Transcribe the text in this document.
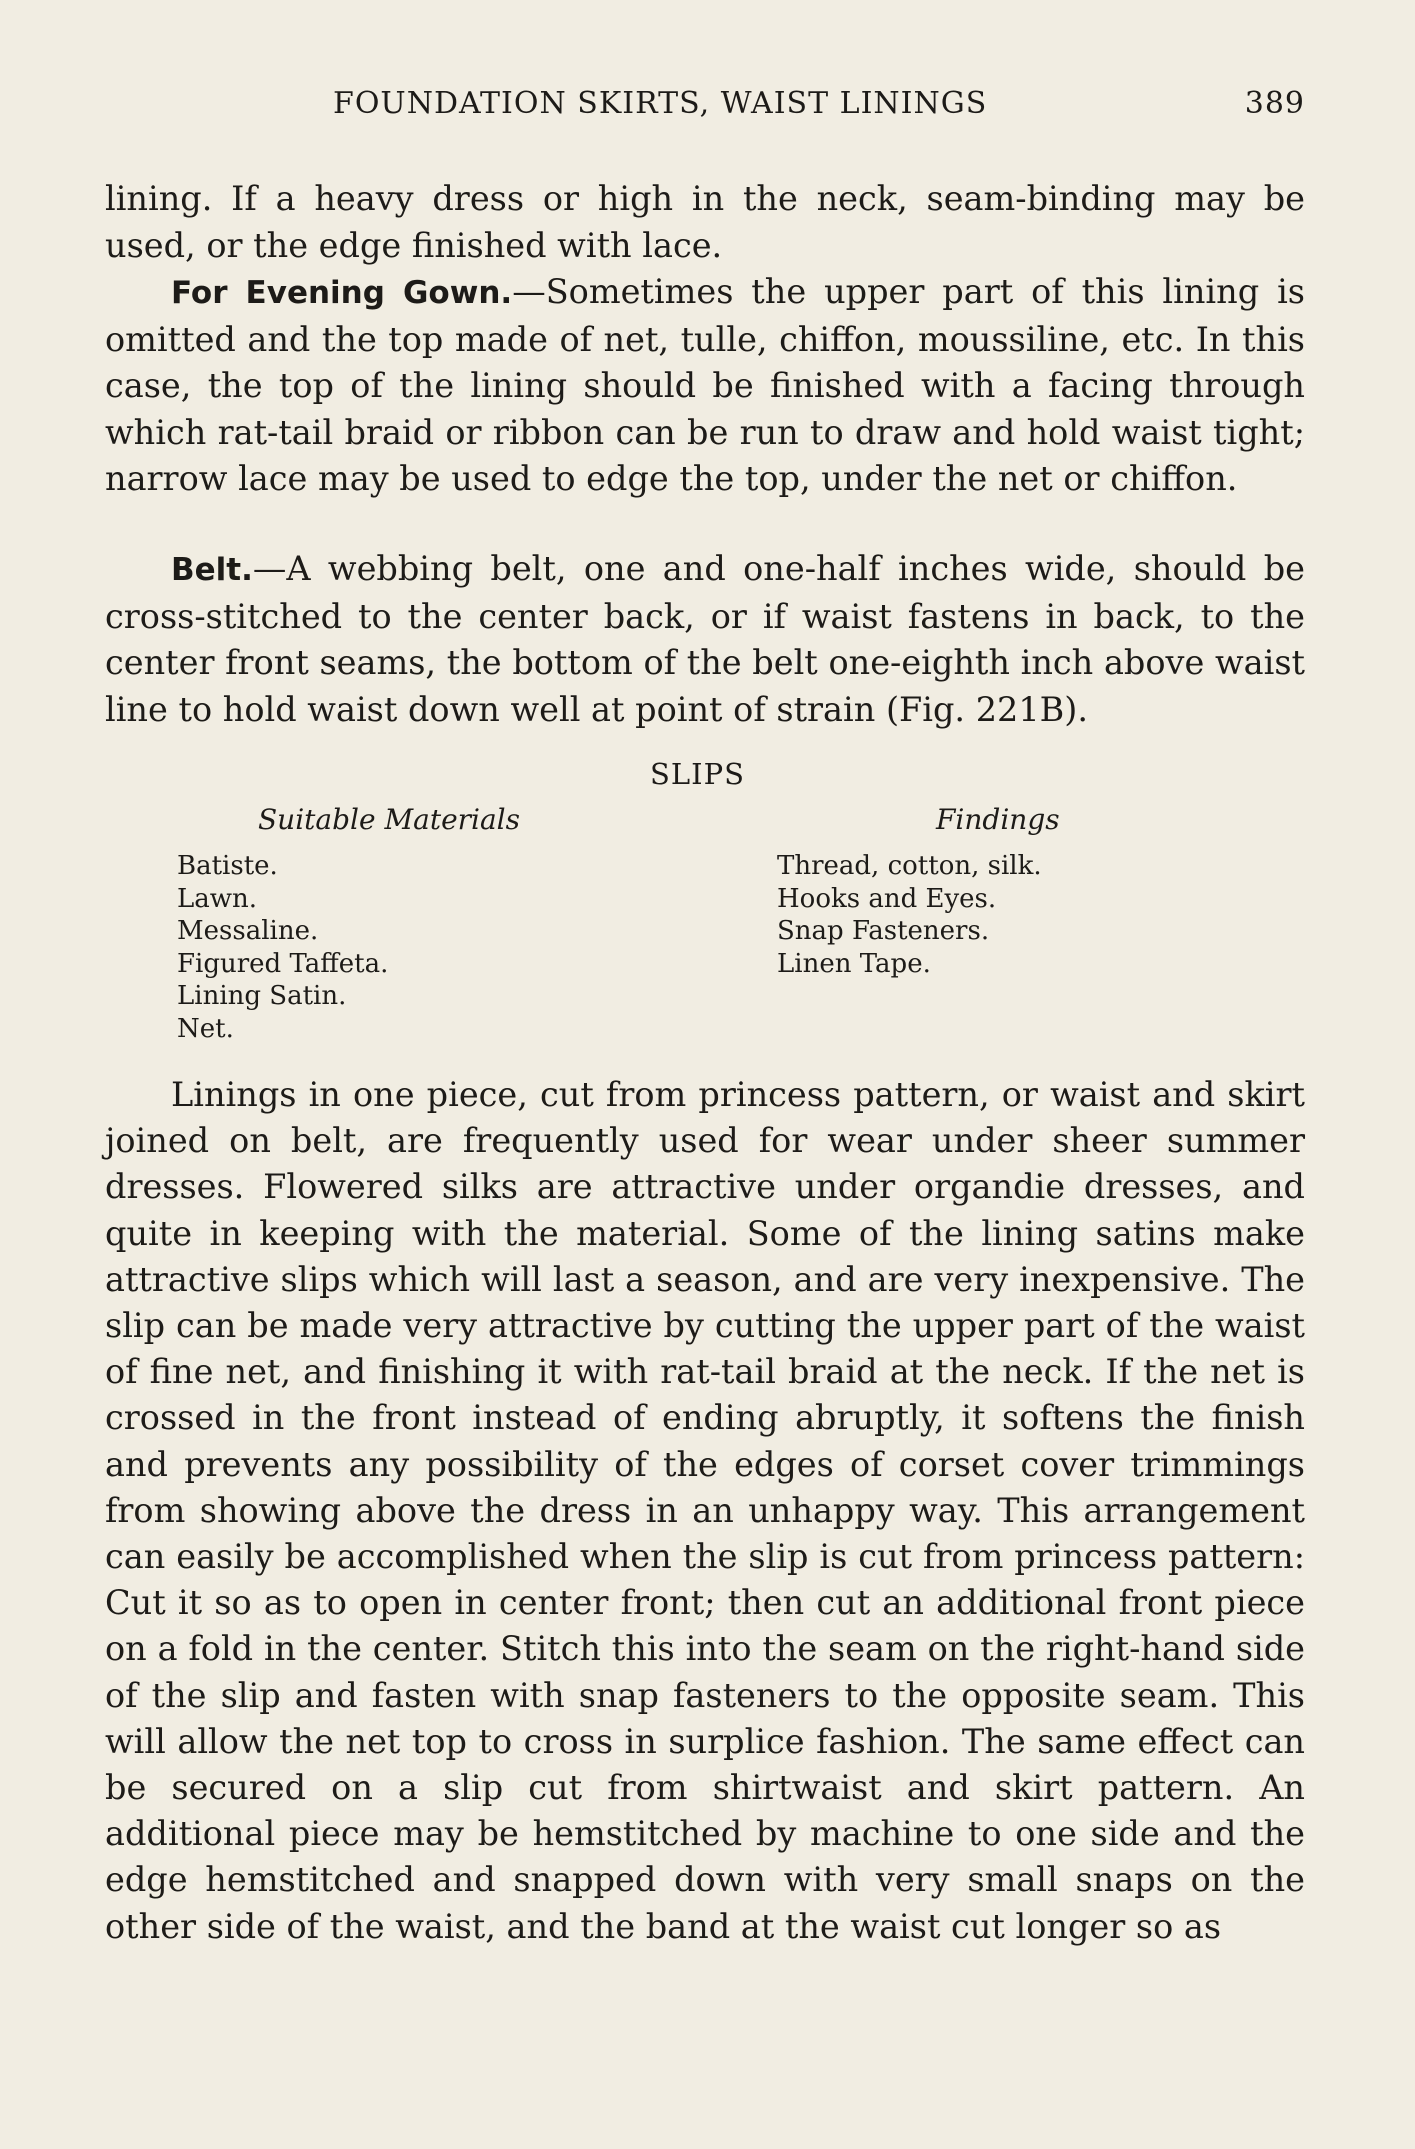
FOUNDATION SKIRTS, WAIST LININGS	389

lining. If a heavy dress or high in the neck, seam-binding may be used, or the edge finished with lace.

For Evening Gown.—Sometimes the upper part of this lining is omitted and the top made of net, tulle, chiffon, moussiline, etc. In this case, the top of the lining should be finished with a facing through which rat-tail braid or ribbon can be run to draw and hold waist tight; narrow lace may be used to edge the top, under the net or chiffon.

Belt.—A webbing belt, one and one-half inches wide, should be cross-stitched to the center back, or if waist fastens in back, to the center front seams, the bottom of the belt one-eighth inch above waist line to hold waist down well at point of strain (Fig. 221B).

SLIPS
Suitable Materials	Findings
Batiste.
Lawn.
Messaline.
Figured Taffeta.
Lining Satin.
Net.
Thread, cotton, silk.
Hooks and Eyes.
Snap Fasteners.
Linen Tape.

Linings in one piece, cut from princess pattern, or waist and skirt joined on belt, are frequently used for wear under sheer summer dresses. Flowered silks are attractive under organdie dresses, and quite in keeping with the material. Some of the lining satins make attractive slips which will last a season, and are very inexpensive. The slip can be made very attractive by cutting the upper part of the waist of fine net, and finishing it with rat-tail braid at the neck. If the net is crossed in the front instead of ending abruptly, it softens the finish and prevents any possibility of the edges of corset cover trimmings from showing above the dress in an unhappy way. This arrangement can easily be accomplished when the slip is cut from princess pattern: Cut it so as to open in center front; then cut an additional front piece on a fold in the center. Stitch this into the seam on the right-hand side of the slip and fasten with snap fasteners to the opposite seam. This will allow the net top to cross in surplice fashion. The same effect can be secured on a slip cut from shirtwaist and skirt pattern. An additional piece may be hemstitched by machine to one side and the edge hemstitched and snapped down with very small snaps on the other side of the waist, and the band at the waist cut longer so as
